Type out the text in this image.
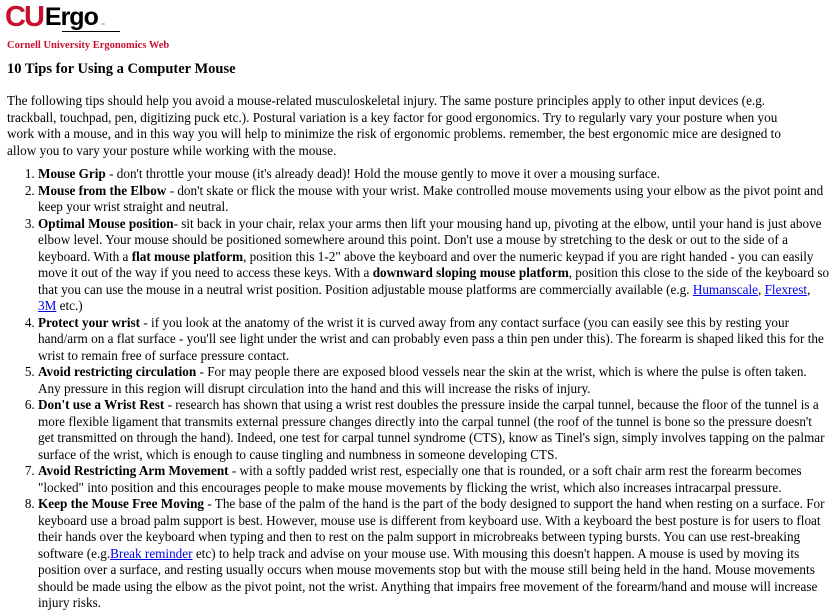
CU Ergo -
Cornell University Ergonomics Web
10 Tips for Using a Computer Mouse

The following tips should help you avoid a mouse-related musculoskeletal injury. The same posture principles apply to other input devices (e.g. trackball, touchpad, pen, digitizing puck etc.). Postural variation is a key factor for good ergonomics. Try to regularly vary your posture when you work with a mouse, and in this way you will help to minimize the risk of ergonomic problems. remember, the best ergonomic mice are designed to allow you to vary your posture while working with the mouse.

1. Mouse Grip - don't throttle your mouse (it's already dead)! Hold the mouse gently to move it over a mousing surface.
2. Mouse from the Elbow - don't skate or flick the mouse with your wrist. Make controlled mouse movements using your elbow as the pivot point and keep your wrist straight and neutral.
3. Optimal Mouse position- sit back in your chair, relax your arms then lift your mousing hand up, pivoting at the elbow, until your hand is just above elbow level. Your mouse should be positioned somewhere around this point. Don't use a mouse by stretching to the desk or out to the side of a keyboard. With a flat mouse platform, position this 1-2" above the keyboard and over the numeric keypad if you are right handed - you can easily move it out of the way if you need to access these keys. With a downward sloping mouse platform, position this close to the side of the keyboard so that you can use the mouse in a neutral wrist position. Position adjustable mouse platforms are commercially available (e.g. Humanscale, Flexrest, 3M etc.)
4. Protect your wrist - if you look at the anatomy of the wrist it is curved away from any contact surface (you can easily see this by resting your hand/arm on a flat surface - you'll see light under the wrist and can probably even pass a thin pen under this). The forearm is shaped liked this for the wrist to remain free of surface pressure contact.
5. Avoid restricting circulation - For may people there are exposed blood vessels near the skin at the wrist, which is where the pulse is often taken. Any pressure in this region will disrupt circulation into the hand and this will increase the risks of injury.
6. Don't use a Wrist Rest - research has shown that using a wrist rest doubles the pressure inside the carpal tunnel, because the floor of the tunnel is a more flexible ligament that transmits external pressure changes directly into the carpal tunnel (the roof of the tunnel is bone so the pressure doesn't get transmitted on through the hand). Indeed, one test for carpal tunnel syndrome (CTS), know as Tinel's sign, simply involves tapping on the palmar surface of the wrist, which is enough to cause tingling and numbness in someone developing CTS.
7. Avoid Restricting Arm Movement - with a softly padded wrist rest, especially one that is rounded, or a soft chair arm rest the forearm becomes "locked" into position and this encourages people to make mouse movements by flicking the wrist, which also increases intracarpal pressure.
8. Keep the Mouse Free Moving - The base of the palm of the hand is the part of the body designed to support the hand when resting on a surface. For keyboard use a broad palm support is best. However, mouse use is different from keyboard use. With a keyboard the best posture is for users to float their hands over the keyboard when typing and then to rest on the palm support in microbreaks between typing bursts. You can use rest-breaking software (e.g.Break reminder etc) to help track and advise on your mouse use. With mousing this doesn't happen. A mouse is used by moving its position over a surface, and resting usually occurs when mouse movements stop but with the mouse still being held in the hand. Mouse movements should be made using the elbow as the pivot point, not the wrist. Anything that impairs free movement of the forearm/hand and mouse will increase injury risks.
